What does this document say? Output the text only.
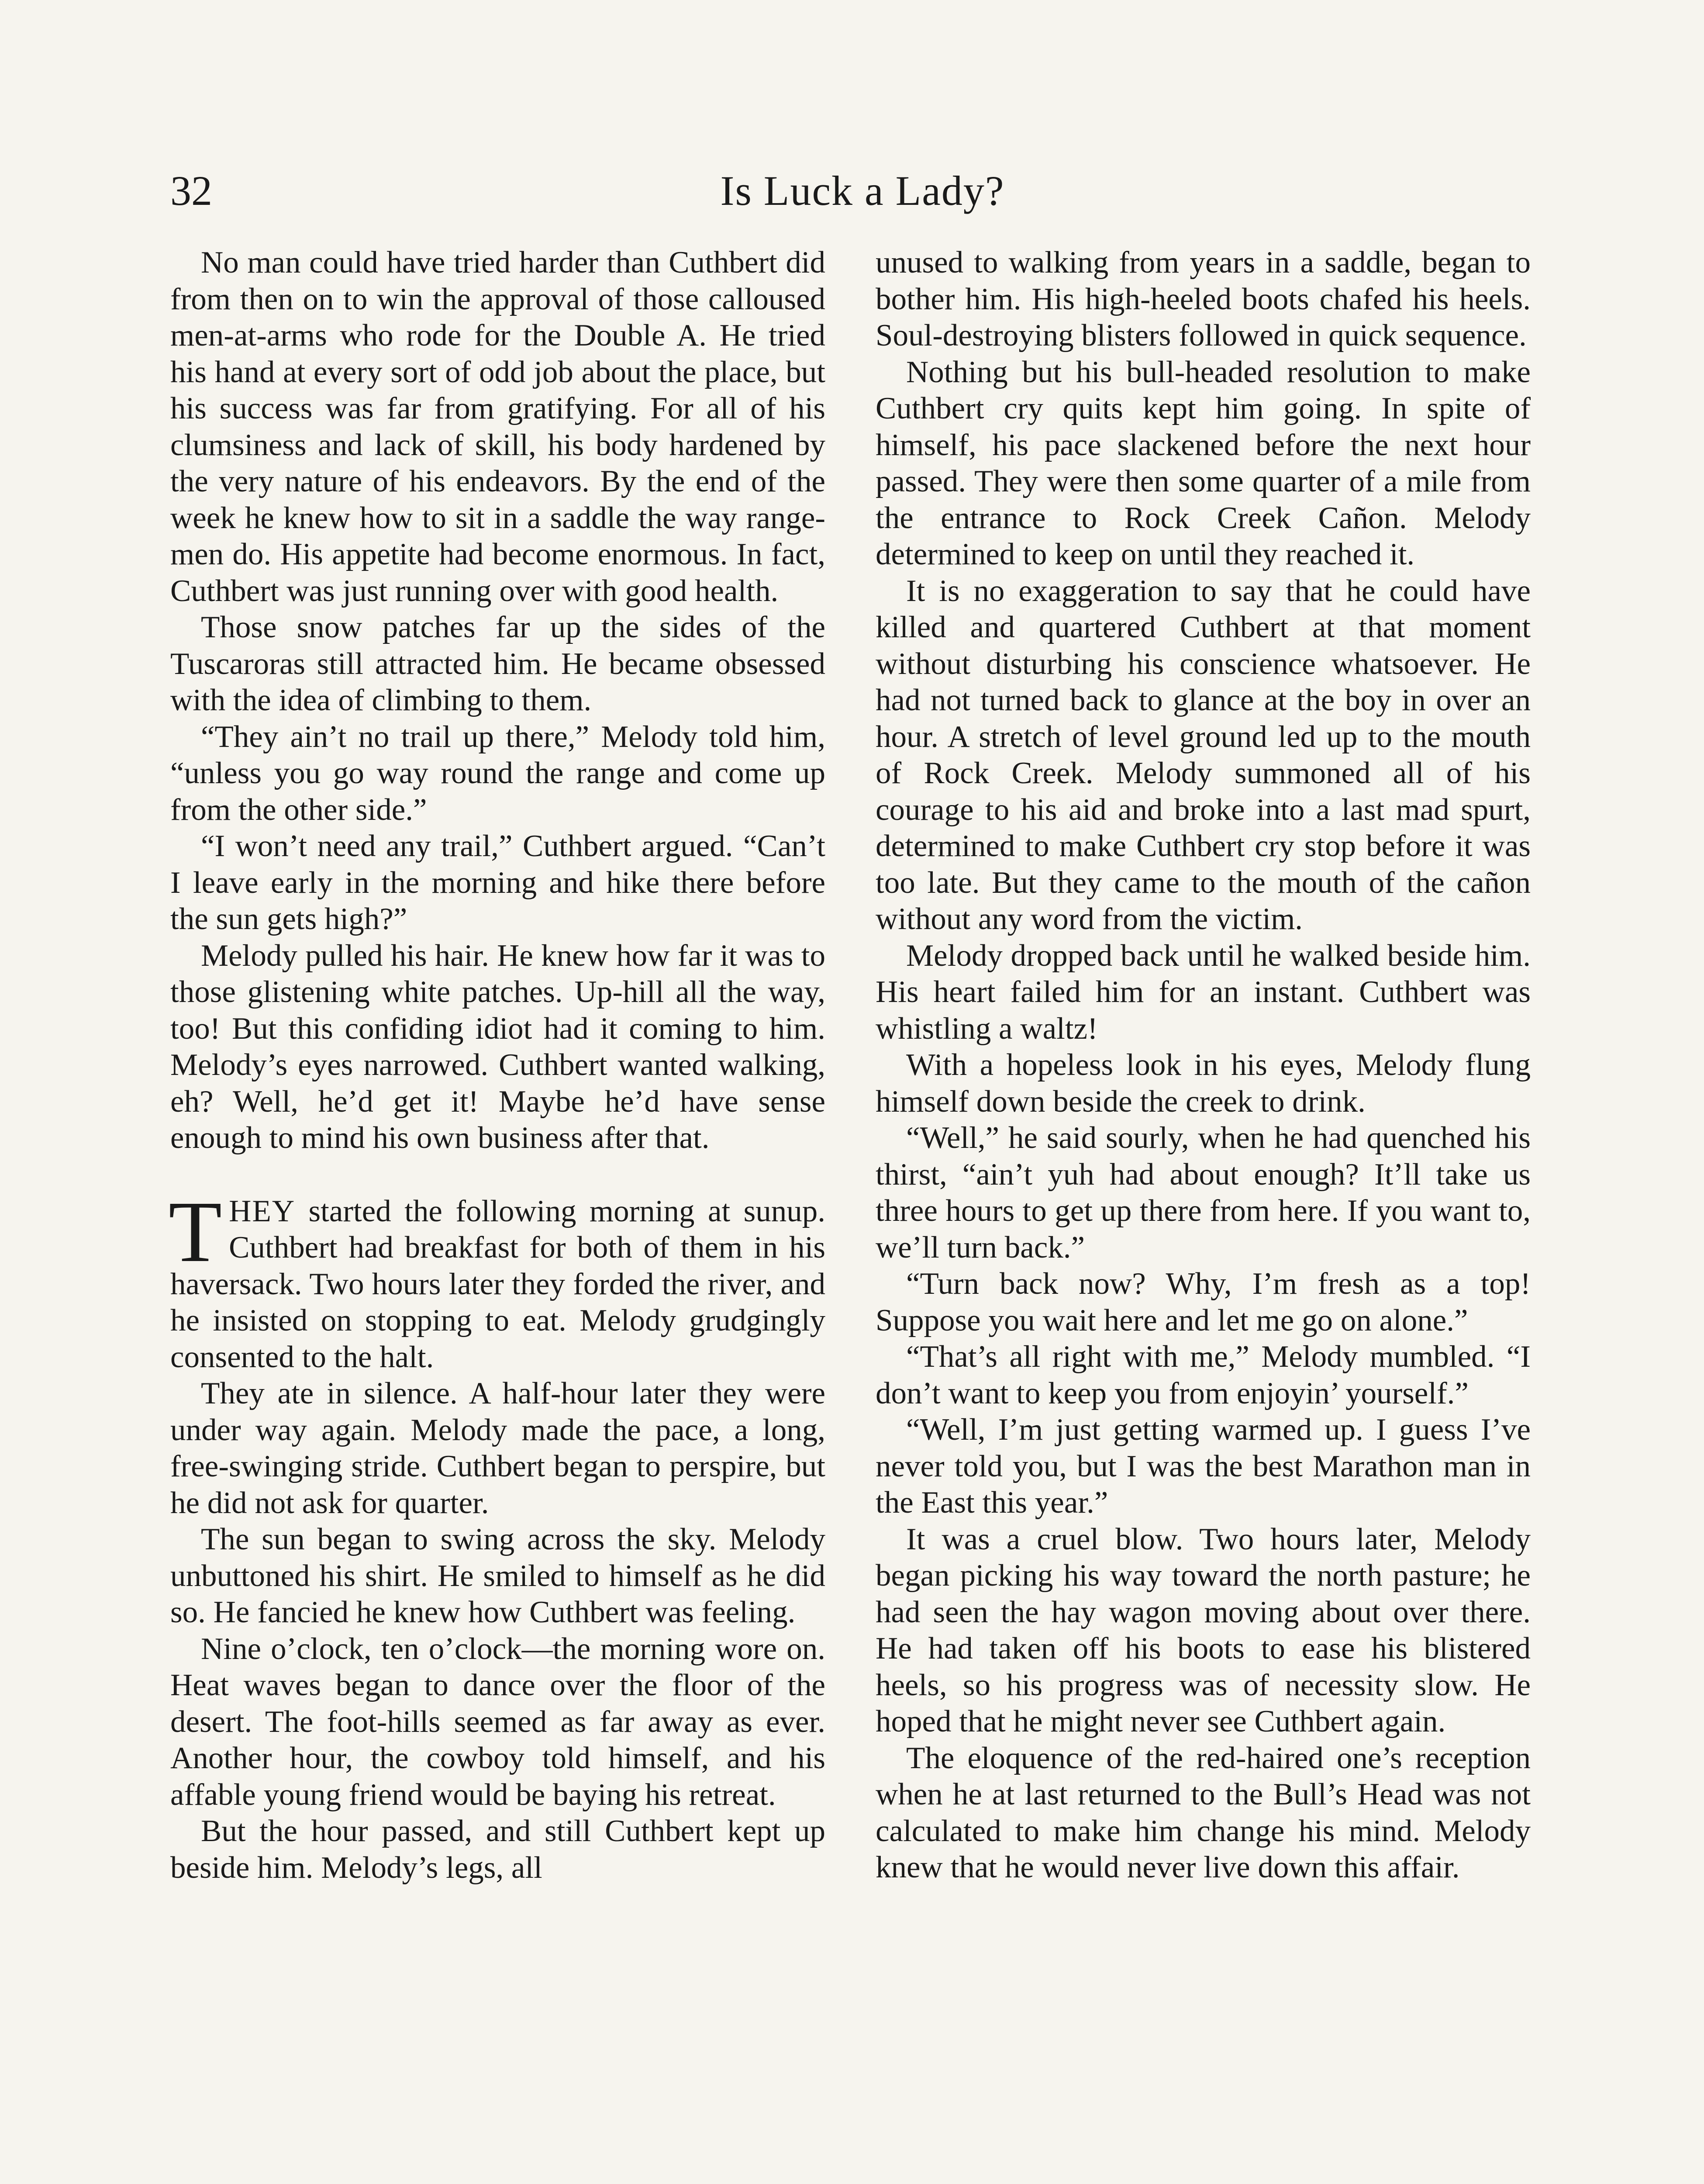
32	Is Luck a Lady?

No man could have tried harder than Cuthbert did from then on to win the approval of those calloused men-at-arms who rode for the Double A. He tried his hand at every sort of odd job about the place, but his success was far from gratifying. For all of his clumsiness and lack of skill, his body hardened by the very nature of his endeavors. By the end of the week he knew how to sit in a saddle the way range-men do. His appetite had become enormous. In fact, Cuthbert was just running over with good health.

Those snow patches far up the sides of the Tuscaroras still attracted him. He became obsessed with the idea of climbing to them.

“They ain’t no trail up there,” Melody told him, “unless you go way round the range and come up from the other side.”

“I won’t need any trail,” Cuthbert argued. “Can’t I leave early in the morning and hike there before the sun gets high?”

Melody pulled his hair. He knew how far it was to those glistening white patches. Up-hill all the way, too! But this confiding idiot had it coming to him. Melody’s eyes narrowed. Cuthbert wanted walking, eh? Well, he’d get it! Maybe he’d have sense enough to mind his own business after that.

THEY started the following morning at sunup. Cuthbert had breakfast for both of them in his haversack. Two hours later they forded the river, and he insisted on stopping to eat. Melody grudgingly consented to the halt.

They ate in silence. A half-hour later they were under way again. Melody made the pace, a long, free-swinging stride. Cuthbert began to perspire, but he did not ask for quarter.

The sun began to swing across the sky. Melody unbuttoned his shirt. He smiled to himself as he did so. He fancied he knew how Cuthbert was feeling.

Nine o’clock, ten o’clock—the morning wore on. Heat waves began to dance over the floor of the desert. The foot-hills seemed as far away as ever. Another hour, the cowboy told himself, and his affable young friend would be baying his retreat.

But the hour passed, and still Cuthbert kept up beside him. Melody’s legs, all

unused to walking from years in a saddle, began to bother him. His high-heeled boots chafed his heels. Soul-destroying blisters followed in quick sequence.

Nothing but his bull-headed resolution to make Cuthbert cry quits kept him going. In spite of himself, his pace slackened before the next hour passed. They were then some quarter of a mile from the entrance to Rock Creek Cañon. Melody determined to keep on until they reached it.

It is no exaggeration to say that he could have killed and quartered Cuthbert at that moment without disturbing his conscience whatsoever. He had not turned back to glance at the boy in over an hour. A stretch of level ground led up to the mouth of Rock Creek. Melody summoned all of his courage to his aid and broke into a last mad spurt, determined to make Cuthbert cry stop before it was too late. But they came to the mouth of the cañon without any word from the victim.

Melody dropped back until he walked beside him. His heart failed him for an instant. Cuthbert was whistling a waltz!

With a hopeless look in his eyes, Melody flung himself down beside the creek to drink.

“Well,” he said sourly, when he had quenched his thirst, “ain’t yuh had about enough? It’ll take us three hours to get up there from here. If you want to, we’ll turn back.”

“Turn back now? Why, I’m fresh as a top! Suppose you wait here and let me go on alone.”

“That’s all right with me,” Melody mumbled. “I don’t want to keep you from enjoyin’ yourself.”

“Well, I’m just getting warmed up. I guess I’ve never told you, but I was the best Marathon man in the East this year.”

It was a cruel blow. Two hours later, Melody began picking his way toward the north pasture; he had seen the hay wagon moving about over there. He had taken off his boots to ease his blistered heels, so his progress was of necessity slow. He hoped that he might never see Cuthbert again.

The eloquence of the red-haired one’s reception when he at last returned to the Bull’s Head was not calculated to make him change his mind. Melody knew that he would never live down this affair.
